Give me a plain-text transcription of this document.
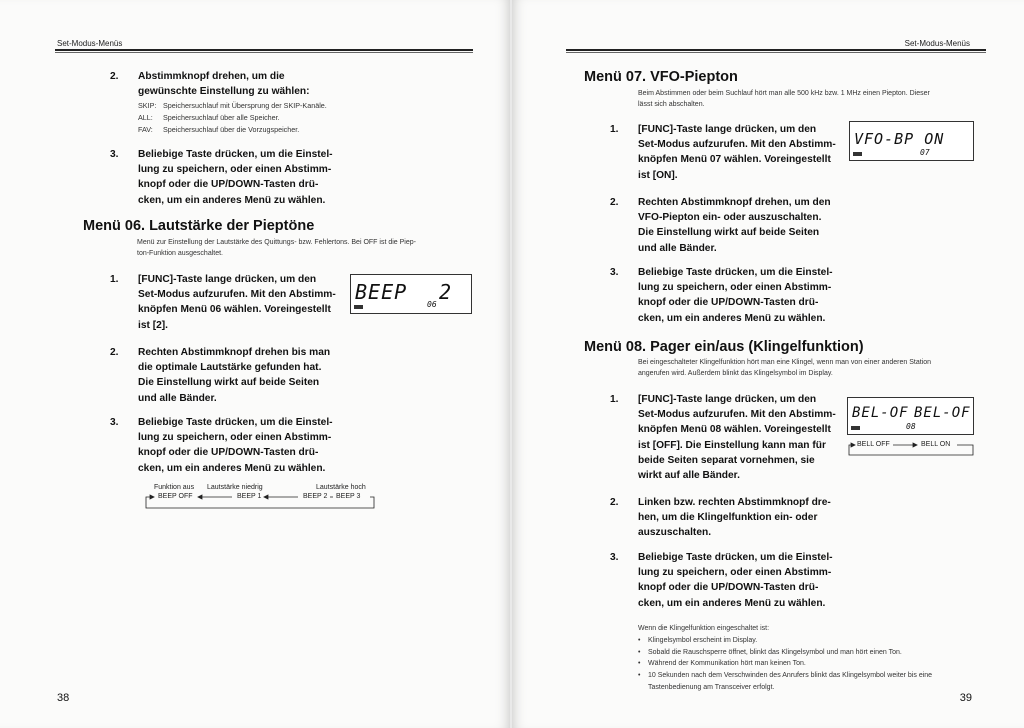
Set-Modus-Menüs
2. Abstimmknopf drehen, um die
gewünschte Einstellung zu wählen:
SKIP: Speichersuchlauf mit Übersprung der SKIP-Kanäle.
ALL: Speichersuchlauf über alle Speicher.
FAV: Speichersuchlauf über die Vorzugspeicher.
3. Beliebige Taste drücken, um die Einstel-
lung zu speichern, oder einen Abstimm-
knopf oder die UP/DOWN-Tasten drü-
cken, um ein anderes Menü zu wählen.
Menü 06. Lautstärke der Pieptöne
Menü zur Einstellung der Lautstärke des Quittungs- bzw. Fehlertons. Bei OFF ist die Piep-
ton-Funktion ausgeschaltet.
1. [FUNC]-Taste lange drücken, um den
Set-Modus aufzurufen. Mit den Abstimm-
knöpfen Menü 06 wählen. Voreingestellt
ist [2].
BEEP 2
06
2. Rechten Abstimmknopf drehen bis man
die optimale Lautstärke gefunden hat.
Die Einstellung wirkt auf beide Seiten
und alle Bänder.
3. Beliebige Taste drücken, um die Einstel-
lung zu speichern, oder einen Abstimm-
knopf oder die UP/DOWN-Tasten drü-
cken, um ein anderes Menü zu wählen.
Funktion aus Lautstärke niedrig	Lautstärke hoch
BEEP OFF	BEEP 1	BEEP 2 BEEP 3
38
Set-Modus-Menüs
Menü 07. VFO-Piepton
Beim Abstimmen oder beim Suchlauf hört man alle 500 kHz bzw. 1 MHz einen Piepton. Dieser
lässt sich abschalten.
1. [FUNC]-Taste lange drücken, um den
Set-Modus aufzurufen. Mit den Abstimm-
knöpfen Menü 07 wählen. Voreingestellt
ist [ON].
VFO-BP ON
07
2. Rechten Abstimmknopf drehen, um den
VFO-Piepton ein- oder auszuschalten.
Die Einstellung wirkt auf beide Seiten
und alle Bänder.
3. Beliebige Taste drücken, um die Einstel-
lung zu speichern, oder einen Abstimm-
knopf oder die UP/DOWN-Tasten drü-
cken, um ein anderes Menü zu wählen.
Menü 08. Pager ein/aus (Klingelfunktion)
Bei eingeschalteter Klingelfunktion hört man eine Klingel, wenn man von einer anderen Station
angerufen wird. Außerdem blinkt das Klingelsymbol im Display.
1. [FUNC]-Taste lange drücken, um den
Set-Modus aufzurufen. Mit den Abstimm-
knöpfen Menü 08 wählen. Voreingestellt
ist [OFF]. Die Einstellung kann man für
beide Seiten separat vornehmen, sie
wirkt auf alle Bänder.
BEL-OF BEL-OF
08
BELL OFF	BELL ON
2. Linken bzw. rechten Abstimmknopf dre-
hen, um die Klingelfunktion ein- oder
auszuschalten.
3. Beliebige Taste drücken, um die Einstel-
lung zu speichern, oder einen Abstimm-
knopf oder die UP/DOWN-Tasten drü-
cken, um ein anderes Menü zu wählen.
Wenn die Klingelfunktion eingeschaltet ist:
• Klingelsymbol erscheint im Display.
• Sobald die Rauschsperre öffnet, blinkt das Klingelsymbol und man hört einen Ton.
• Während der Kommunikation hört man keinen Ton.
• 10 Sekunden nach dem Verschwinden des Anrufers blinkt das Klingelsymbol weiter bis eine
Tastenbedienung am Transceiver erfolgt.
39
